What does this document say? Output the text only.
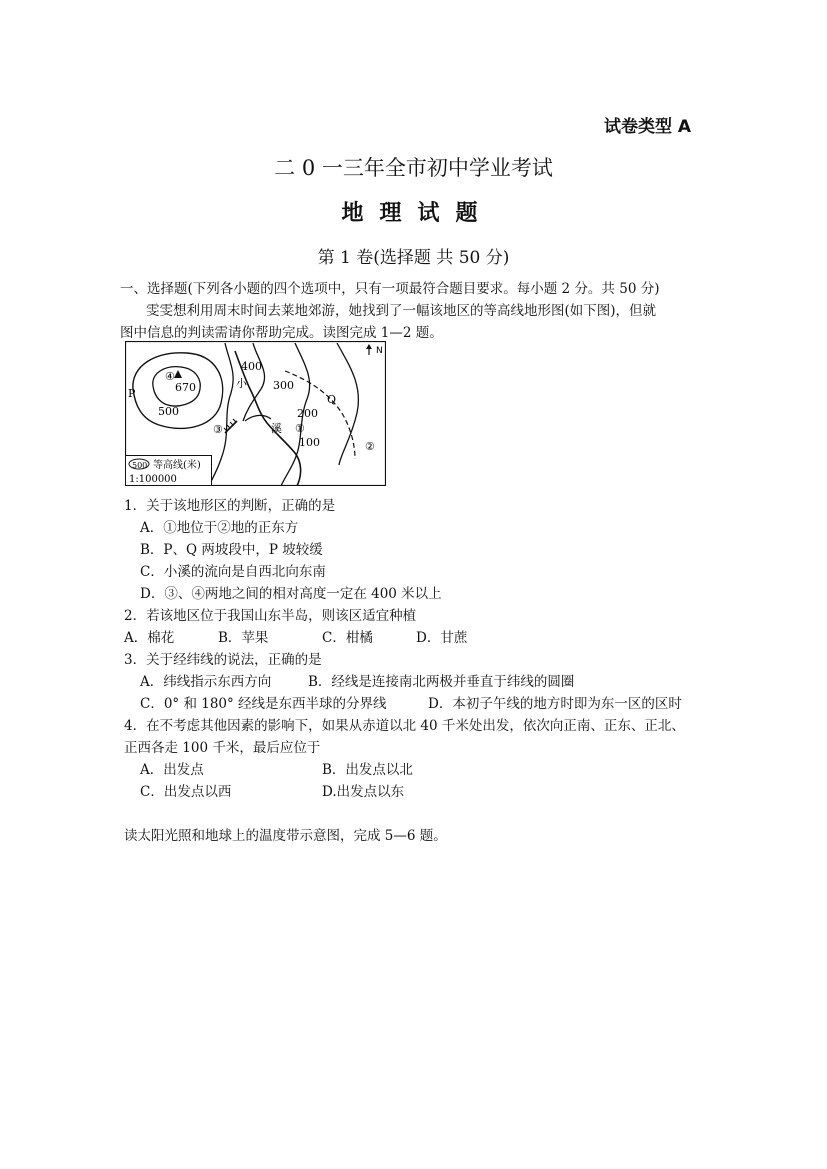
试卷类型 A
二 0 一三年全市初中学业考试
地理试题
第 1 卷(选择题 共 50 分)
一、选择题(下列各小题的四个选项中，只有一项最符合题目要求。每小题 2 分。共 50 分)
雯雯想利用周末时间去莱地郊游，她找到了一幅该地区的等高线地形图(如下图)，但就
图中信息的判读需请你帮助完成。读图完成 1—2 题。
N
④
670
P
500
400
小 300
Q
200
③	溪 ①
100	②
500 等高线(米)
1:100000
1．关于该地形区的判断，正确的是
A．①地位于②地的正东方
B．P、Q 两坡段中，P 坡较缓
C．小溪的流向是自西北向东南
D．③、④两地之间的相对高度一定在 400 米以上
2．若该地区位于我国山东半岛，则该区适宜种植
A．棉花	B．苹果	C．柑橘	D．甘蔗
3．关于经纬线的说法，正确的是
A．纬线指示东西方向	B．经线是连接南北两极并垂直于纬线的圆圈
C．0° 和 180° 经线是东西半球的分界线	D．本初子午线的地方时即为东一区的区时
4．在不考虑其他因素的影响下，如果从赤道以北 40 千米处出发，依次向正南、正东、正北、
正西各走 100 千米，最后应位于
A．出发点	B．出发点以北
C．出发点以西	D.出发点以东
读太阳光照和地球上的温度带示意图，完成 5—6 题。
